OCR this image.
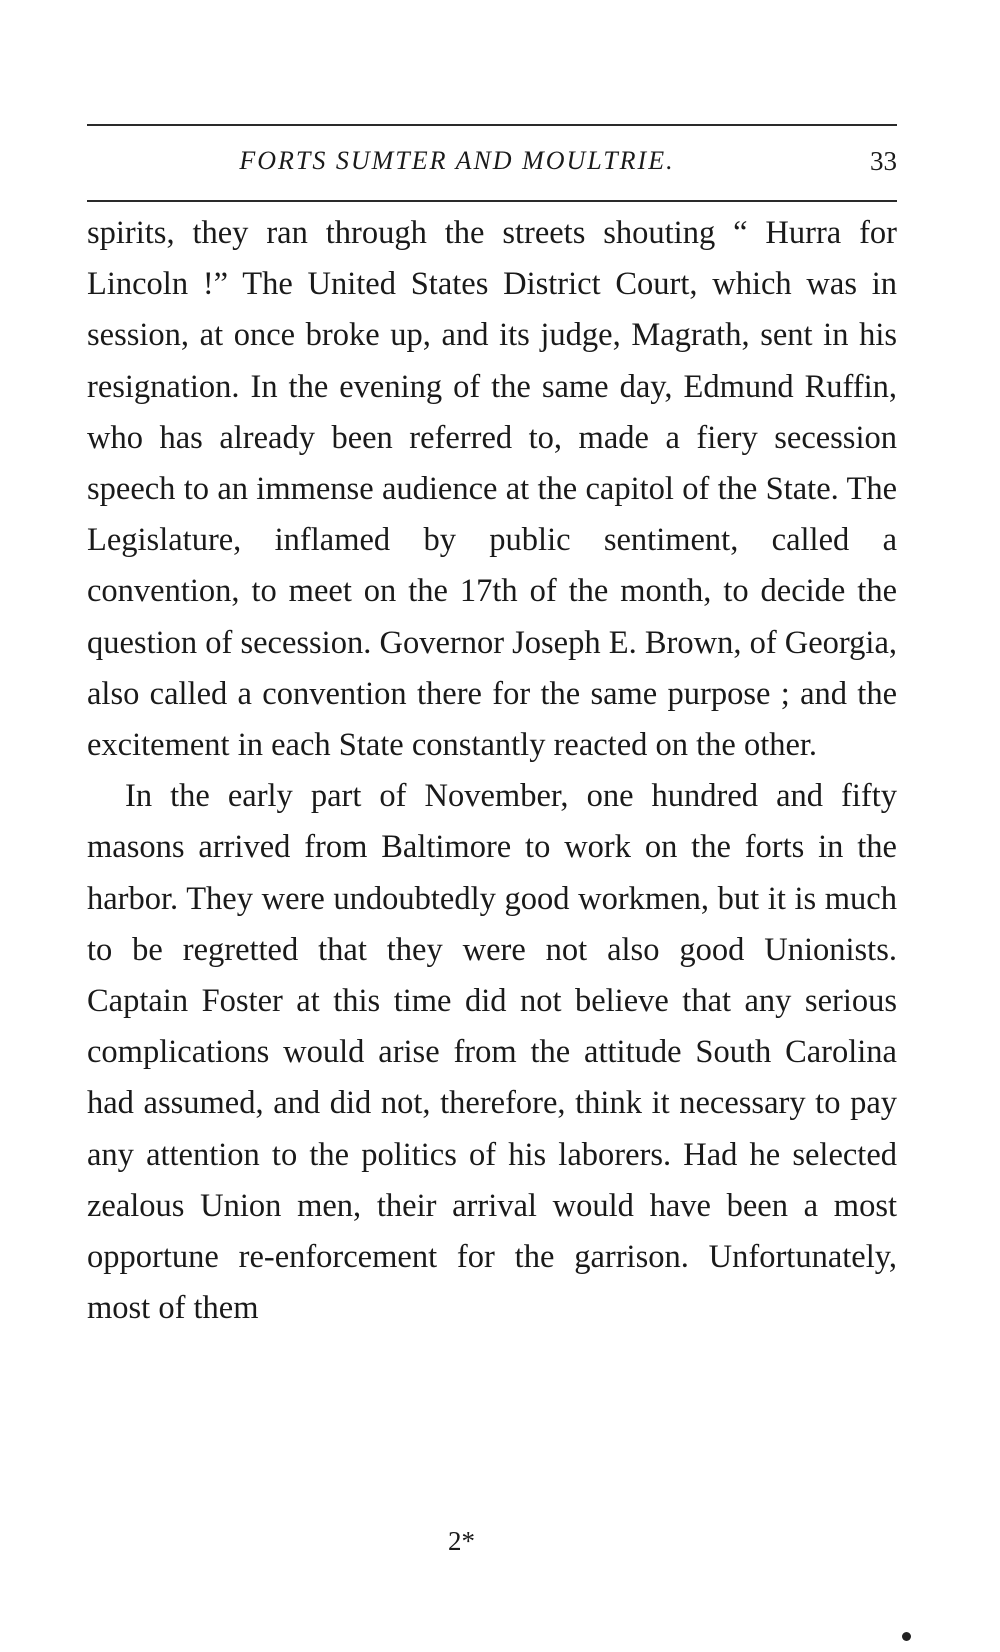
FORTS SUMTER AND MOULTRIE.	33

spirits, they ran through the streets shouting “ Hurra for Lincoln !” The United States District Court, which was in session, at once broke up, and its judge, Magrath, sent in his resignation. In the evening of the same day, Edmund Ruffin, who has already been referred to, made a fiery secession speech to an immense audience at the capitol of the State. The Legislature, inflamed by public sentiment, called a convention, to meet on the 17th of the month, to decide the question of secession. Governor Joseph E. Brown, of Georgia, also called a convention there for the same purpose ; and the excitement in each State constantly reacted on the other.

In the early part of November, one hundred and fifty masons arrived from Baltimore to work on the forts in the harbor. They were undoubtedly good workmen, but it is much to be regretted that they were not also good Unionists. Captain Foster at this time did not believe that any serious complications would arise from the attitude South Carolina had assumed, and did not, therefore, think it necessary to pay any attention to the politics of his laborers. Had he selected zealous Union men, their arrival would have been a most opportune re-enforcement for the garrison. Unfortunately, most of them

2*
